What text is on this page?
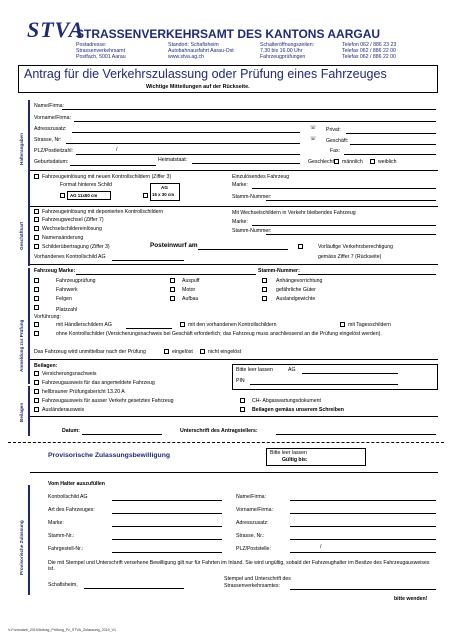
STVA
STRASSENVERKEHRSAMT DES KANTONS AARGAU
Postadresse:
Strassenverkehrsamt
Postfach, 5001 Aarau
Standort: Schafisheim
Autobahnausfahrt Aarau-Ost
www.stva.ag.ch
Schalteröffnungszeiten:
7.30 bis 16.00 Uhr
Fahrzeugprüfungen
Telefon 062 / 886 23 23
Telefax 062 / 886 22 00
Telefax 062 / 886 22 00
Antrag für die Verkehrszulassung oder Prüfung eines Fahrzeuges
Wichtige Mitteilungen auf der Rückseite.
Halterangaben
Geschäftsart
Anmeldung zur Prüfung
Beilagen
Provisorische Zulassung
Name/Firma:
Vorname/Firma:
Adresszusatz:
Strasse, Nr:
PLZ/Postleitzahl:	/
Geburtsdatum:	Heimatstaat:
☏ Privat:
☏ Geschäft:
Fax:
Geschlecht männlich	weiblich
Fahrzeugeinlösung mit neuen Kontrollschildern (Ziffer 3)
Format hinteres Schild
AG 11x50 cm
AG
16 x 30 cm
Einzulösendes Fahrzeug
Marke:
Stamm-Nummer:
Fahrzeugeinlösung mit deponierten Kontrollschildern
Fahrzeugwechsel (Ziffer 7)
Wechselschildereinlösung
Namensänderung
Schilderübertragung (Ziffer 3)	Posteinwurf am
Vorhandenes Kontrollschild AG
Mit Wechselschildern in Verkehr bleibendes Fahrzeug
Marke:
Stamm-Nummer:
Vorläufige Verkehrsberechtigung
gemäss Ziffer 7 (Rückseite)
Fahrzeug Marke:	Stamm-Nummer:
Fahrzeugprüfung
Fahrwerk
Felgen
Platzzahl
Auspuff
Motor
Aufbau
Anhängevorrichtung
gefährliche Güter
Auslandgewichte
Vorführung:
mit Händlerschildern AG	mit den vorhandenen Kontrollschildern	mit Tagesschildern
ohne Kontrollschilder (Versicherungsnachweis bei Geschäft erforderlich; das Fahrzeug muss anschliessend an die Prüfung eingelöst werden).
Das Fahrzeug wird unmittelbar nach der Prüfung	eingelöst	nicht eingelöst
Beilagen:
Versicherungsnachweis
Fahrzeugausweis für das angemeldete Fahrzeug
hellbrauner Prüfungsbericht 13.20 A
Fahrzeugausweis für ausser Verkehr gesetztes Fahrzeug
Ausländerausweis
Bitte leer lassen	AG
PIN
CH- Abgaswartungsdokument
Beilagen gemäss unserem Schreiben
Datum:	Unterschrift des Antragstellers:
Provisorische Zulassungsbewilligung	Bitte leer lassen
Gültig bis:
Vom Halter auszufüllen
Kontrollschild AG
Art des Fahrzeuges:
Marke:
Stamm-Nr.:
Fahrgestell-Nr.:
Name/Firma:
Vorname/Firma:
Adresszusatz:
Strasse, Nr.:
PLZ/Poststelle:	/
Die mit Stempel und Unterschrift versehene Bewilligung gilt nur für Fahrten im Inland. Sie wird ungültig, sobald der Fahrzeughalter im Besitze des Fahrzeugausweises ist.
Schafisheim,
Stempel und Unterschrift des
Strassenverkehrsamtes:
bitte wenden!
V-Formulare_2019/Antrag_Prüfung_Fz_STVA_Zulassung_2019_V1
